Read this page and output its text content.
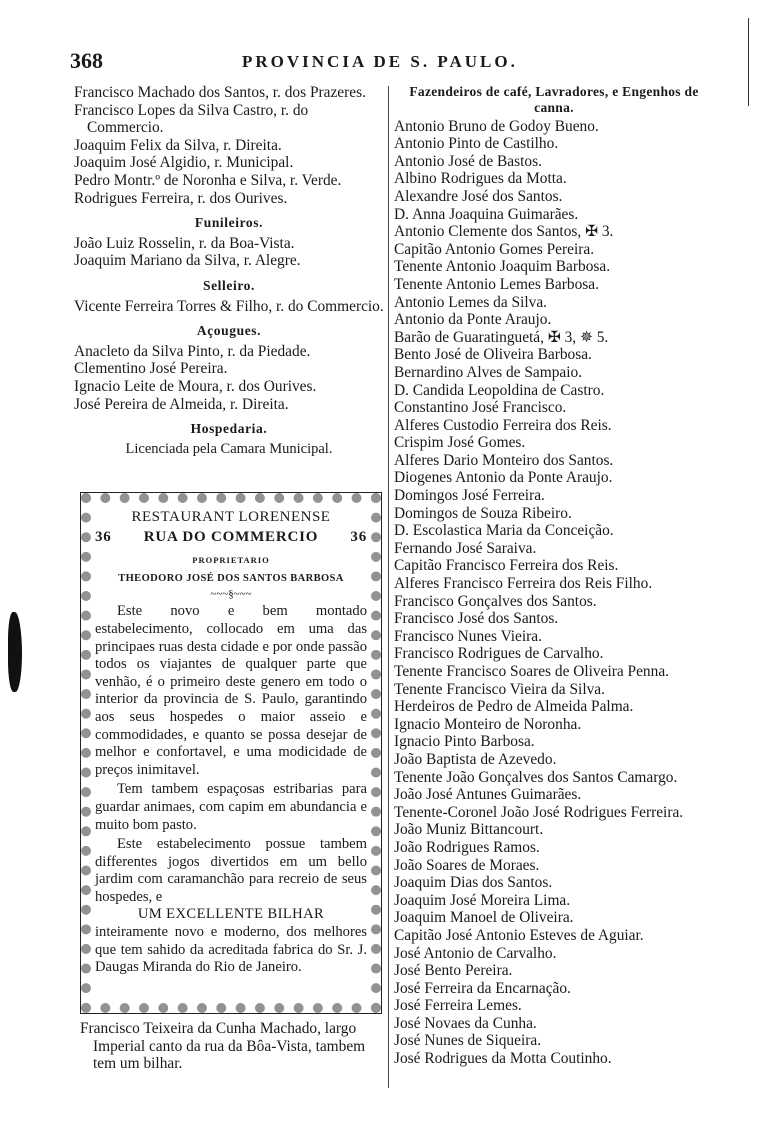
368	PROVINCIA DE S. PAULO.
Francisco Machado dos Santos, r. dos Prazeres.
Francisco Lopes da Silva Castro, r. do Commercio.
Joaquim Felix da Silva, r. Direita.
Joaquim José Algidio, r. Municipal.
Pedro Montr.º de Noronha e Silva, r. Verde.
Rodrigues Ferreira, r. dos Ourives.
Funileiros.
João Luiz Rosselin, r. da Boa-Vista.
Joaquim Mariano da Silva, r. Alegre.
Selleiro.
Vicente Ferreira Torres & Filho, r. do Commercio.
Açougues.
Anacleto da Silva Pinto, r. da Piedade.
Clementino José Pereira.
Ignacio Leite de Moura, r. dos Ourives.
José Pereira de Almeida, r. Direita.
Hospedaria.
Licenciada pela Camara Municipal.
RESTAURANT LORENENSE
36 RUA DO COMMERCIO 36
PROPRIETARIO
THEODORO JOSÉ DOS SANTOS BARBOSA
~~~§~~~
Este novo e bem montado estabelecimento, collocado em uma das principaes ruas desta cidade e por onde passão todos os viajantes de qualquer parte que venhão, é o primeiro deste genero em todo o interior da provincia de S. Paulo, garantindo aos seus hospedes o maior asseio e commodidades, e quanto se possa desejar de melhor e confortavel, e uma modicidade de preços inimitavel.
Tem tambem espaçosas estribarias para guardar animaes, com capim em abundancia e muito bom pasto.
Este estabelecimento possue tambem differentes jogos divertidos em um bello jardim com caramanchão para recreio de seus hospedes, e
UM EXCELLENTE BILHAR
inteiramente novo e moderno, dos melhores que tem sahido da acreditada fabrica do Sr. J. Daugas Miranda do Rio de Janeiro.
Francisco Teixeira da Cunha Machado, largo Imperial canto da rua da Bôa-Vista, tambem tem um bilhar.
Fazendeiros de café, Lavradores, e Engenhos de canna.
Antonio Bruno de Godoy Bueno.
Antonio Pinto de Castilho.
Antonio José de Bastos.
Albino Rodrigues da Motta.
Alexandre José dos Santos.
D. Anna Joaquina Guimarães.
Antonio Clemente dos Santos, ✠ 3.
Capitão Antonio Gomes Pereira.
Tenente Antonio Joaquim Barbosa.
Tenente Antonio Lemes Barbosa.
Antonio Lemes da Silva.
Antonio da Ponte Araujo.
Barão de Guaratinguetá, ✠ 3, ✵ 5.
Bento José de Oliveira Barbosa.
Bernardino Alves de Sampaio.
D. Candida Leopoldina de Castro.
Constantino José Francisco.
Alferes Custodio Ferreira dos Reis.
Crispim José Gomes.
Alferes Dario Monteiro dos Santos.
Diogenes Antonio da Ponte Araujo.
Domingos José Ferreira.
Domingos de Souza Ribeiro.
D. Escolastica Maria da Conceição.
Fernando José Saraiva.
Capitão Francisco Ferreira dos Reis.
Alferes Francisco Ferreira dos Reis Filho.
Francisco Gonçalves dos Santos.
Francisco José dos Santos.
Francisco Nunes Vieira.
Francisco Rodrigues de Carvalho.
Tenente Francisco Soares de Oliveira Penna.
Tenente Francisco Vieira da Silva.
Herdeiros de Pedro de Almeida Palma.
Ignacio Monteiro de Noronha.
Ignacio Pinto Barbosa.
João Baptista de Azevedo.
Tenente João Gonçalves dos Santos Camargo.
João José Antunes Guimarães.
Tenente-Coronel João José Rodrigues Ferreira.
João Muniz Bittancourt.
João Rodrigues Ramos.
João Soares de Moraes.
Joaquim Dias dos Santos.
Joaquim José Moreira Lima.
Joaquim Manoel de Oliveira.
Capitão José Antonio Esteves de Aguiar.
José Antonio de Carvalho.
José Bento Pereira.
José Ferreira da Encarnação.
José Ferreira Lemes.
José Novaes da Cunha.
José Nunes de Siqueira.
José Rodrigues da Motta Coutinho.
